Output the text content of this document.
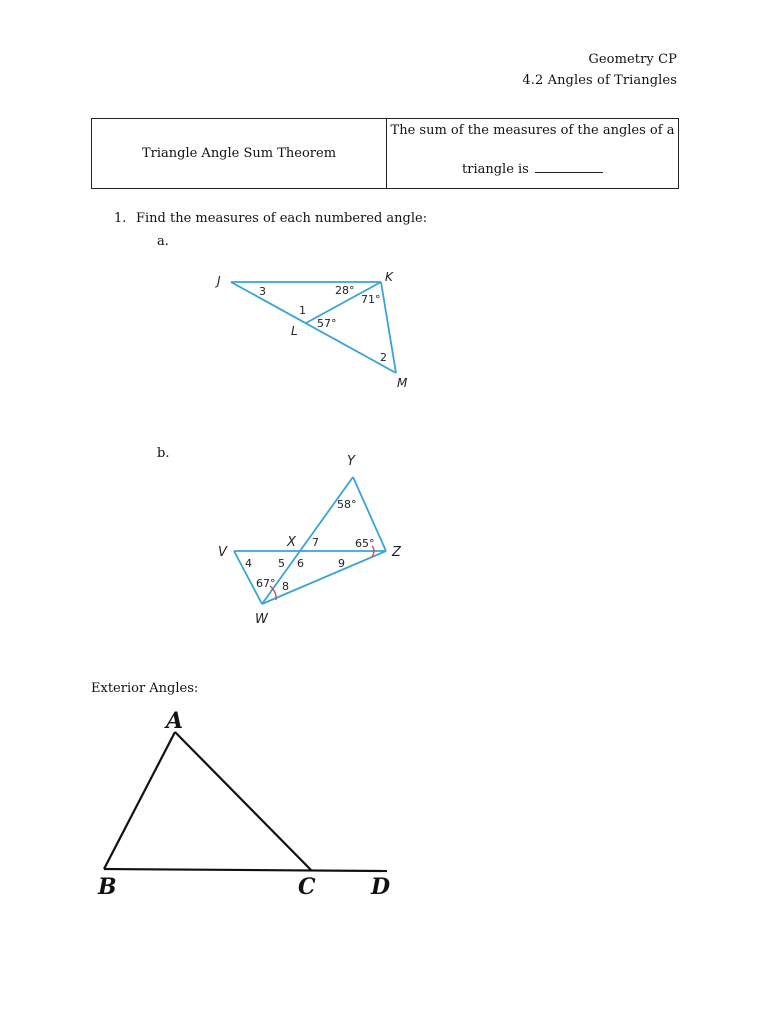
Geometry CP
4.2 Angles of Triangles
Triangle Angle Sum Theorem	
The sum of the measures of the angles of a
triangle is
1. Find the measures of each numbered angle:
a.
b.
J	K
L
M
3	28°
71°
1
57°
2
Y
X
V	Z
W
58°
7	65°
4 5 6	9
67° 8
A
B	C	D
Exterior Angles:
